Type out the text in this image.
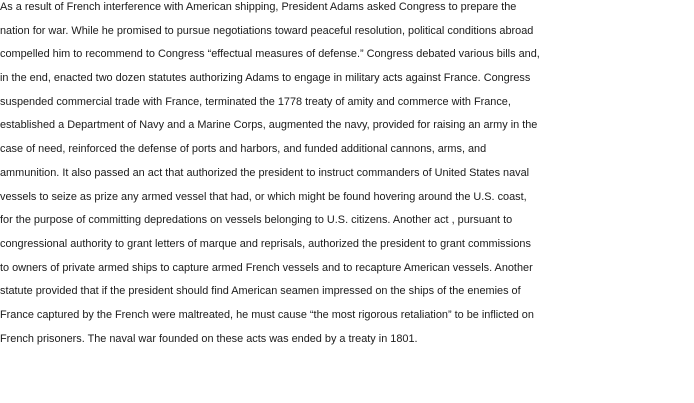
As a result of French interference with American shipping, President Adams asked Congress to prepare the
nation for war. While he promised to pursue negotiations toward peaceful resolution, political conditions abroad
compelled him to recommend to Congress “effectual measures of defense.” Congress debated various bills and,
in the end, enacted two dozen statutes authorizing Adams to engage in military acts against France. Congress
suspended commercial trade with France, terminated the 1778 treaty of amity and commerce with France,
established a Department of Navy and a Marine Corps, augmented the navy, provided for raising an army in the
case of need, reinforced the defense of ports and harbors, and funded additional cannons, arms, and
ammunition. It also passed an act that authorized the president to instruct commanders of United States naval
vessels to seize as prize any armed vessel that had, or which might be found hovering around the U.S. coast,
for the purpose of committing depredations on vessels belonging to U.S. citizens. Another act , pursuant to
congressional authority to grant letters of marque and reprisals, authorized the president to grant commissions
to owners of private armed ships to capture armed French vessels and to recapture American vessels. Another
statute provided that if the president should find American seamen impressed on the ships of the enemies of
France captured by the French were maltreated, he must cause “the most rigorous retaliation” to be inflicted on
French prisoners. The naval war founded on these acts was ended by a treaty in 1801.
